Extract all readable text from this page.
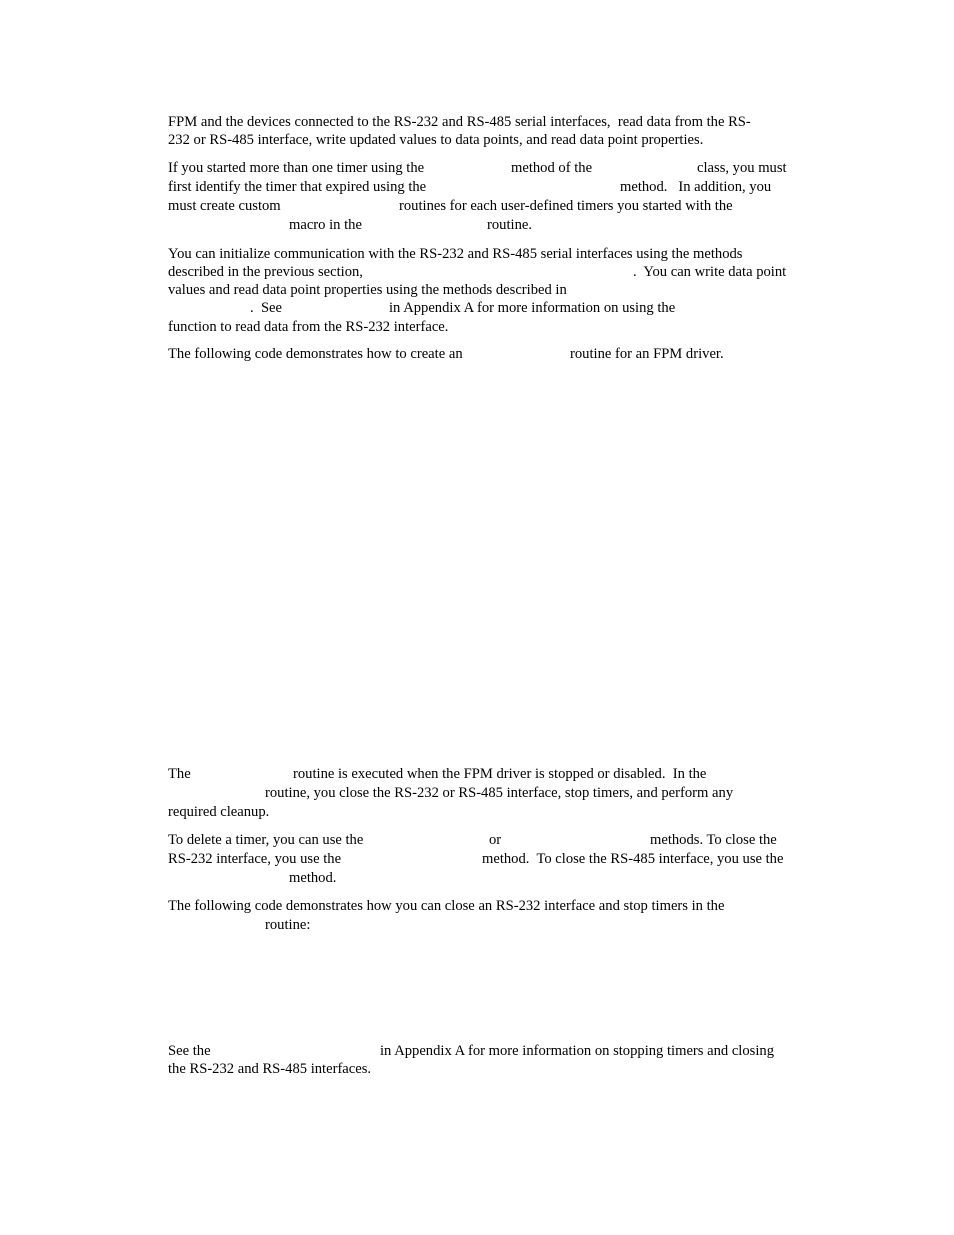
FPM and the devices connected to the RS-232 and RS-485 serial interfaces,  read data from the RS-

232 or RS-485 interface, write updated values to data points, and read data point properties.

If you started more than one timer using the	method of the	class, you must

first identify the timer that expired using the	method.   In addition, you

must create custom	routines for each user-defined timers you started with the

macro in the	routine.

You can initialize communication with the RS-232 and RS-485 serial interfaces using the methods

described in the previous section,	.  You can write data point

values and read data point properties using the methods described in

.  See	in Appendix A for more information on using the

function to read data from the RS-232 interface.

The following code demonstrates how to create an	routine for an FPM driver.

The	routine is executed when the FPM driver is stopped or disabled.  In the

routine, you close the RS-232 or RS-485 interface, stop timers, and perform any

required cleanup.

To delete a timer, you can use the	or	methods. To close the

RS-232 interface, you use the	method.  To close the RS-485 interface, you use the

method.

The following code demonstrates how you can close an RS-232 interface and stop timers in the

routine:

See the	in Appendix A for more information on stopping timers and closing

the RS-232 and RS-485 interfaces.
